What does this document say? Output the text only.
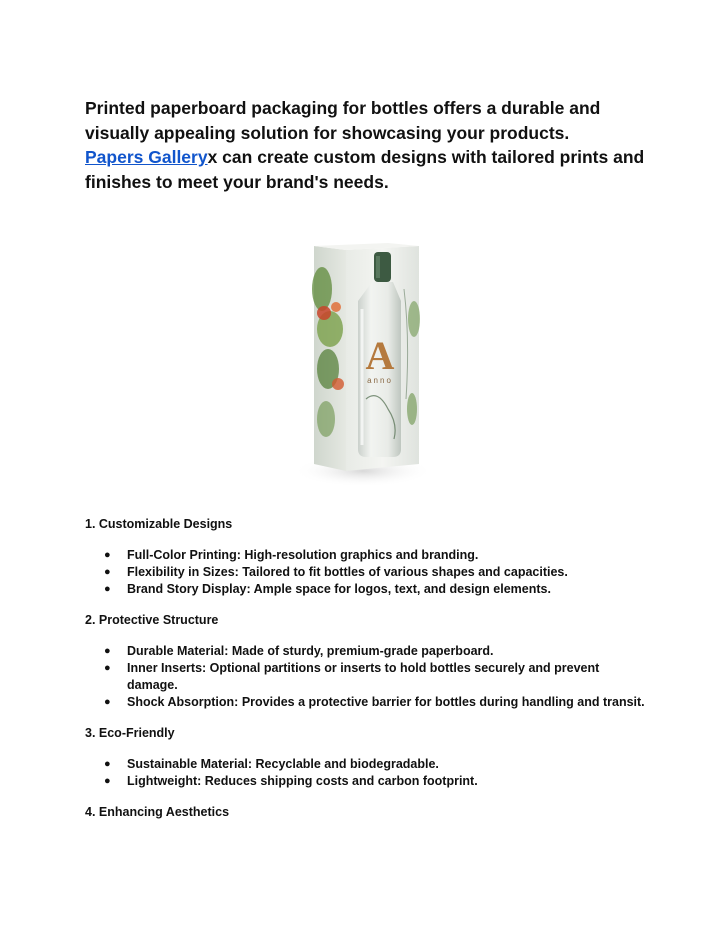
Printed paperboard packaging for bottles offers a durable and visually appealing solution for showcasing your products.
Papers Galleryx can create custom designs with tailored prints and finishes to meet your brand's needs.

A
anno

1. Customizable Designs

● Full-Color Printing: High-resolution graphics and branding.
● Flexibility in Sizes: Tailored to fit bottles of various shapes and capacities.
● Brand Story Display: Ample space for logos, text, and design elements.

2. Protective Structure

● Durable Material: Made of sturdy, premium-grade paperboard.
● Inner Inserts: Optional partitions or inserts to hold bottles securely and prevent damage.
● Shock Absorption: Provides a protective barrier for bottles during handling and transit.

3. Eco-Friendly

● Sustainable Material: Recyclable and biodegradable.
● Lightweight: Reduces shipping costs and carbon footprint.

4. Enhancing Aesthetics
